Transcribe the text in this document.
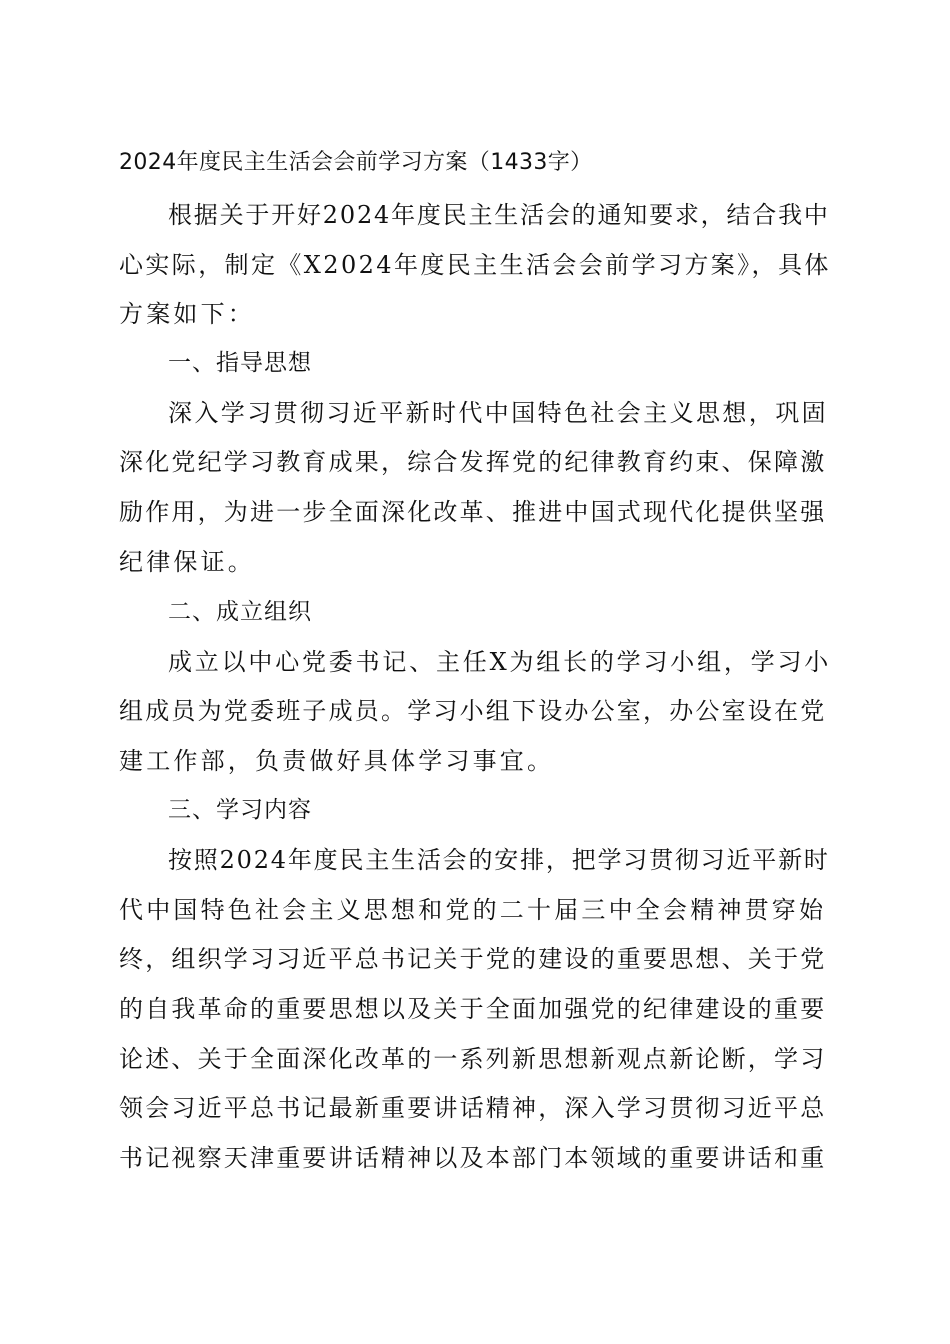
2024年度民主生活会会前学习方案（1433字）
根据关于开好2024年度民主生活会的通知要求，结合我中
心实际，制定《X2024年度民主生活会会前学习方案》，具体
方案如下：
一、指导思想
深入学习贯彻习近平新时代中国特色社会主义思想，巩固
深化党纪学习教育成果，综合发挥党的纪律教育约束、保障激
励作用，为进一步全面深化改革、推进中国式现代化提供坚强
纪律保证。
二、成立组织
成立以中心党委书记、主任X为组长的学习小组，学习小
组成员为党委班子成员。学习小组下设办公室，办公室设在党
建工作部，负责做好具体学习事宜。
三、学习内容
按照2024年度民主生活会的安排，把学习贯彻习近平新时
代中国特色社会主义思想和党的二十届三中全会精神贯穿始
终，组织学习习近平总书记关于党的建设的重要思想、关于党
的自我革命的重要思想以及关于全面加强党的纪律建设的重要
论述、关于全面深化改革的一系列新思想新观点新论断，学习
领会习近平总书记最新重要讲话精神，深入学习贯彻习近平总
书记视察天津重要讲话精神以及本部门本领域的重要讲话和重
